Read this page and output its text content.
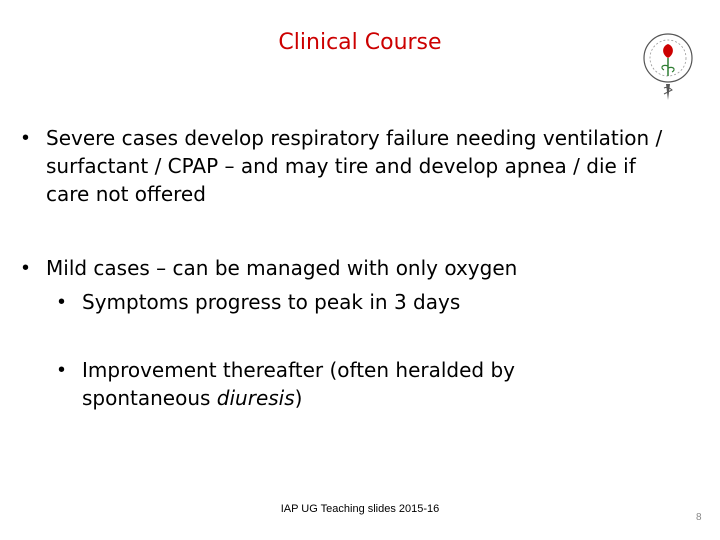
Clinical Course
• Severe cases develop respiratory failure needing ventilation / surfactant / CPAP – and may tire and develop apnea / die if care not offered
• Mild cases – can be managed with only oxygen
• Symptoms progress to peak in 3 days
• Improvement thereafter (often heralded by spontaneous diuresis)
IAP UG Teaching slides 2015-16
8
